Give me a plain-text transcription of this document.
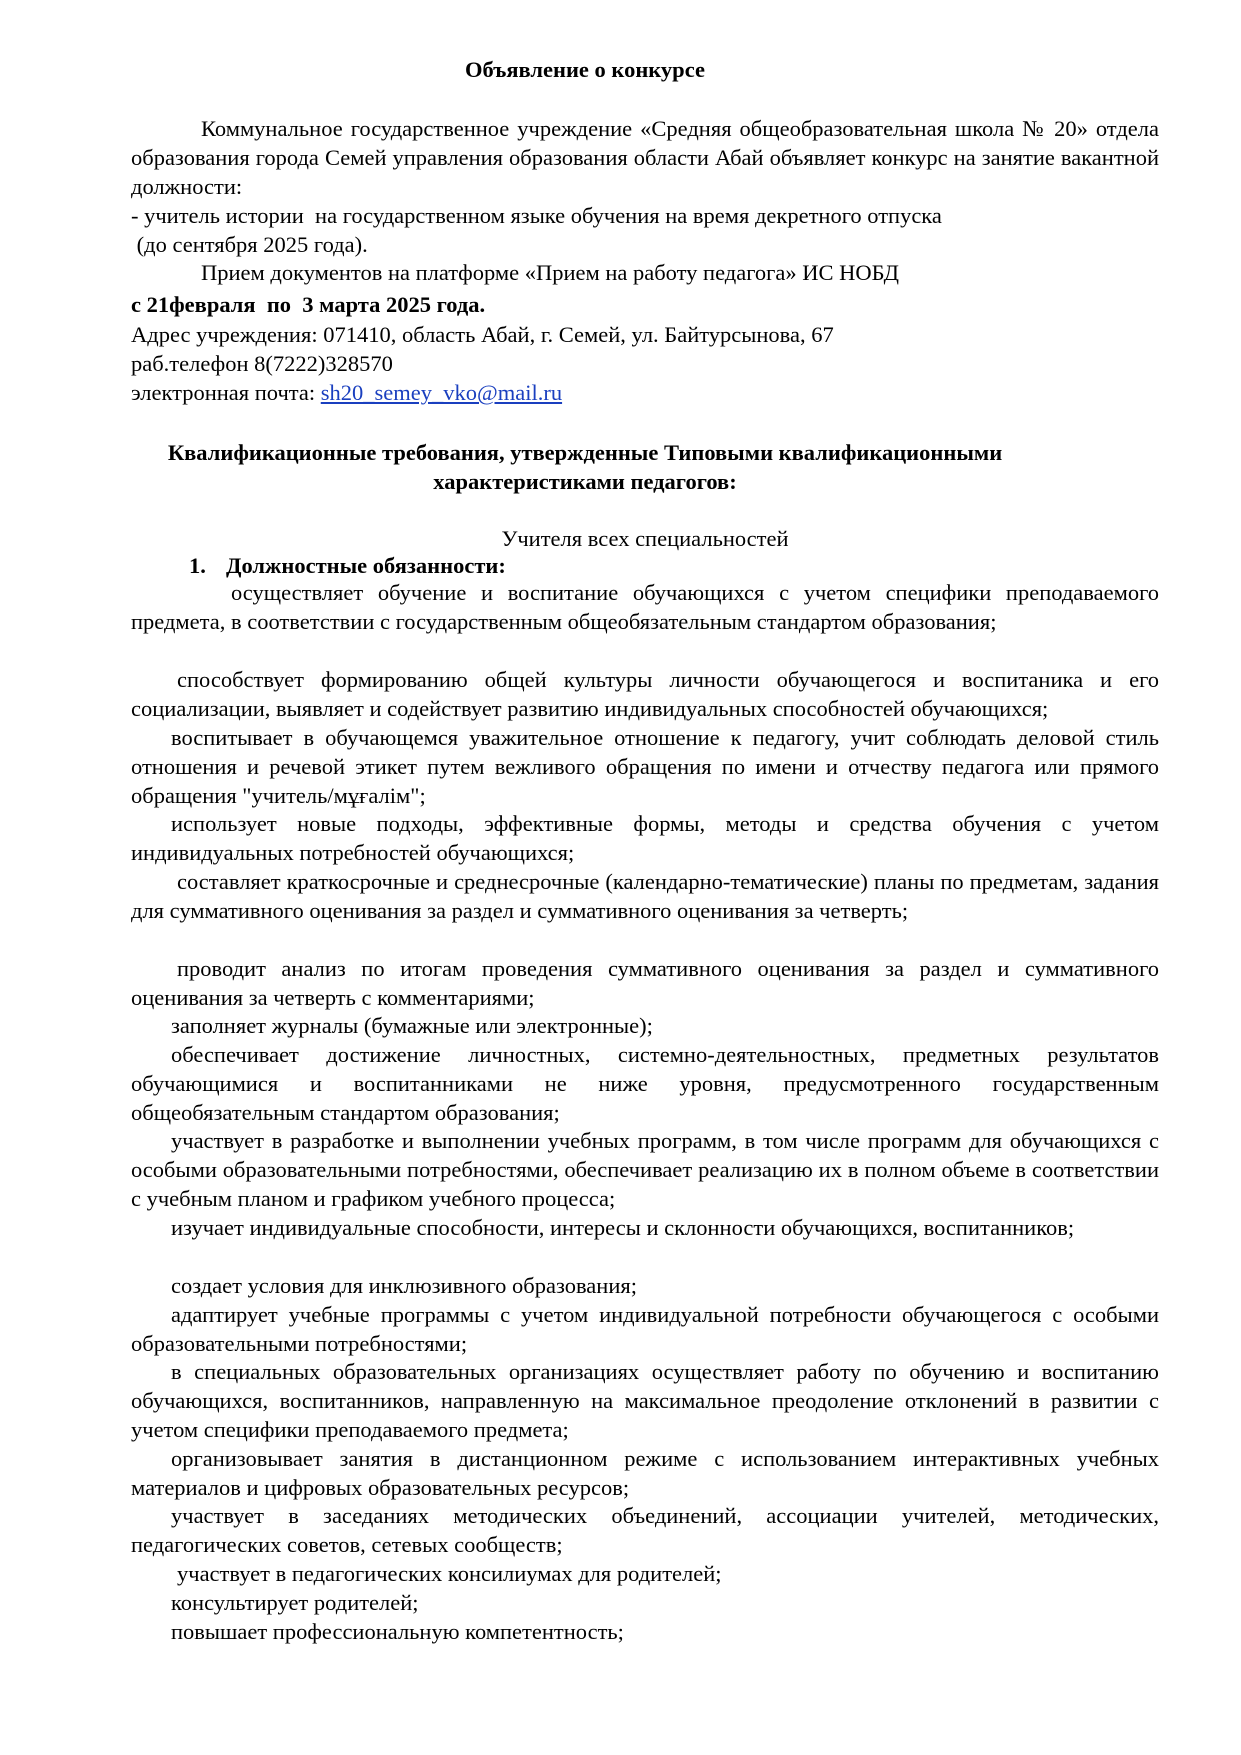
Объявление о конкурсе
Коммунальное государственное учреждение «Средняя общеобразовательная школа № 20» отдела образования города Семей управления образования области Абай объявляет конкурс на занятие вакантной должности:
- учитель истории  на государственном языке обучения на время декретного отпуска
(до сентября 2025 года).
Прием документов на платформе «Прием на работу педагога» ИС НОБД
с 21февраля  по  3 марта 2025 года.
Адрес учреждения: 071410, область Абай, г. Семей, ул. Байтурсынова, 67
раб.телефон 8(7222)328570
электронная почта: sh20_semey_vko@mail.ru
Квалификационные требования, утвержденные Типовыми квалификационными
характеристиками педагогов:
Учителя всех специальностей
1. Должностные обязанности:
осуществляет обучение и воспитание обучающихся с учетом специфики преподаваемого предмета, в соответствии с государственным общеобязательным стандартом образования;
способствует формированию общей культуры личности обучающегося и воспитаника и его социализации, выявляет и содействует развитию индивидуальных способностей обучающихся;
воспитывает в обучающемся уважительное отношение к педагогу, учит соблюдать деловой стиль отношения и речевой этикет путем вежливого обращения по имени и отчеству педагога или прямого обращения "учитель/мұғалім";
использует новые подходы, эффективные формы, методы и средства обучения с учетом индивидуальных потребностей обучающихся;
составляет краткосрочные и среднесрочные (календарно-тематические) планы по предметам, задания для суммативного оценивания за раздел и суммативного оценивания за четверть;
проводит анализ по итогам проведения суммативного оценивания за раздел и суммативного оценивания за четверть с комментариями;
заполняет журналы (бумажные или электронные);
обеспечивает достижение личностных, системно-деятельностных, предметных результатов обучающимися и воспитанниками не ниже уровня, предусмотренного государственным общеобязательным стандартом образования;
участвует в разработке и выполнении учебных программ, в том числе программ для обучающихся с особыми образовательными потребностями, обеспечивает реализацию их в полном объеме в соответствии с учебным планом и графиком учебного процесса;
изучает индивидуальные способности, интересы и склонности обучающихся, воспитанников;
создает условия для инклюзивного образования;
адаптирует учебные программы с учетом индивидуальной потребности обучающегося с особыми образовательными потребностями;
в специальных образовательных организациях осуществляет работу по обучению и воспитанию обучающихся, воспитанников, направленную на максимальное преодоление отклонений в развитии с учетом специфики преподаваемого предмета;
организовывает занятия в дистанционном режиме с использованием интерактивных учебных материалов и цифровых образовательных ресурсов;
участвует в заседаниях методических объединений, ассоциации учителей, методических, педагогических советов, сетевых сообществ;
участвует в педагогических консилиумах для родителей;
консультирует родителей;
повышает профессиональную компетентность;
